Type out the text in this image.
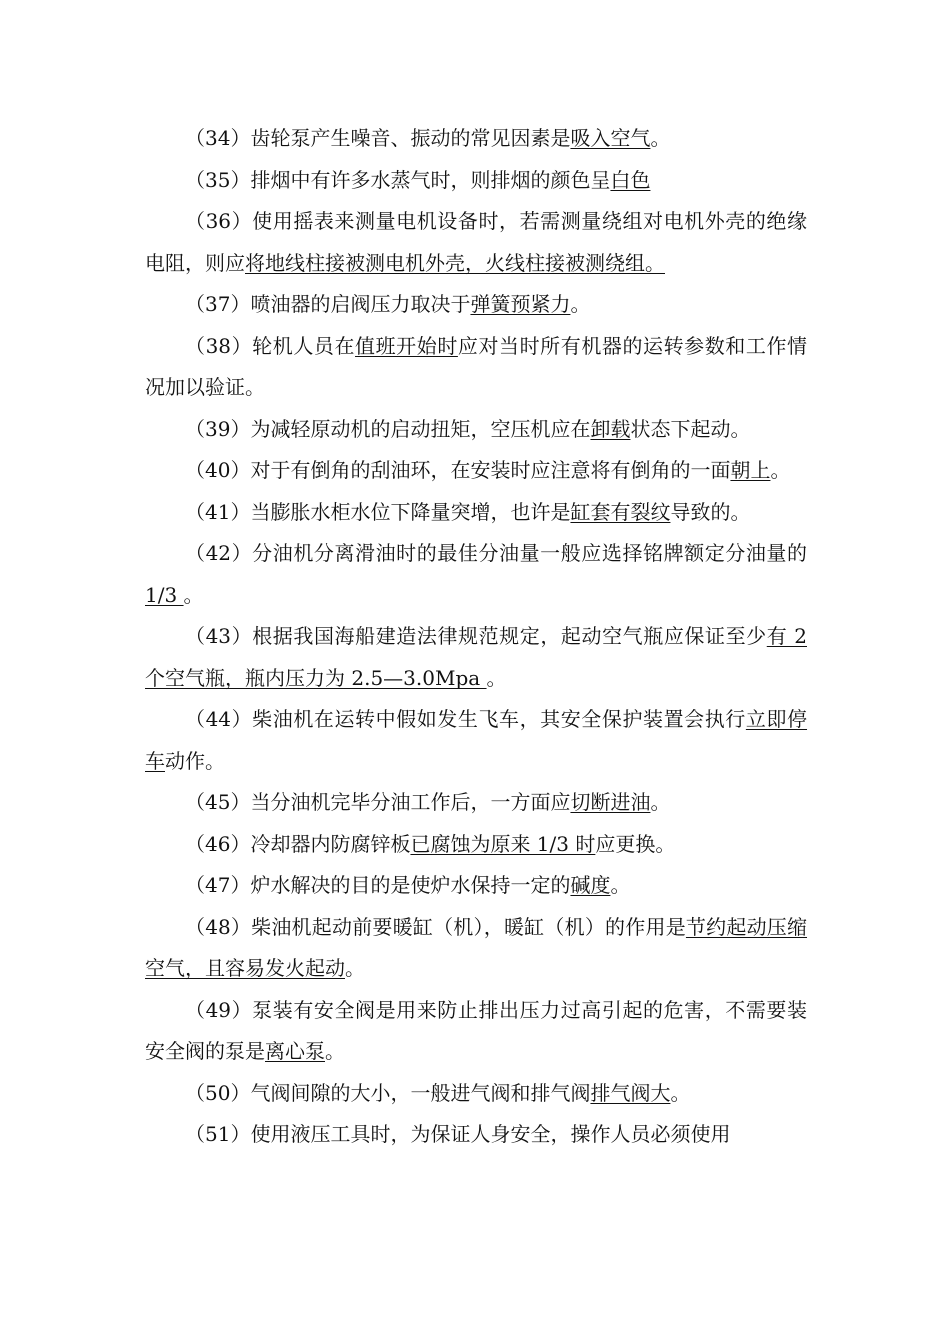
（34）齿轮泵产生噪音、振动的常见因素是吸入空气。

（35）排烟中有许多水蒸气时，则排烟的颜色呈白色

（36）使用摇表来测量电机设备时，若需测量绕组对电机外壳的绝缘电阻，则应将地线柱接被测电机外壳，火线柱接被测绕组。

（37）喷油器的启阀压力取决于弹簧预紧力。

（38）轮机人员在值班开始时应对当时所有机器的运转参数和工作情况加以验证。

（39）为减轻原动机的启动扭矩，空压机应在卸载状态下起动。

（40）对于有倒角的刮油环，在安装时应注意将有倒角的一面朝上。

（41）当膨胀水柜水位下降量突增，也许是缸套有裂纹导致的。

（42）分油机分离滑油时的最佳分油量一般应选择铭牌额定分油量的1/3 。

（43）根据我国海船建造法律规范规定，起动空气瓶应保证至少有 2 个空气瓶，瓶内压力为 2.5—3.0Mpa 。

（44）柴油机在运转中假如发生飞车，其安全保护装置会执行立即停车动作。

（45）当分油机完毕分油工作后，一方面应切断进油。

（46）冷却器内防腐锌板已腐蚀为原来 1/3 时应更换。

（47）炉水解决的目的是使炉水保持一定的碱度。

（48）柴油机起动前要暖缸（机），暖缸（机）的作用是节约起动压缩空气，且容易发火起动。

（49）泵装有安全阀是用来防止排出压力过高引起的危害，不需要装安全阀的泵是离心泵。

（50）气阀间隙的大小，一般进气阀和排气阀排气阀大。

（51）使用液压工具时，为保证人身安全，操作人员必须使用
